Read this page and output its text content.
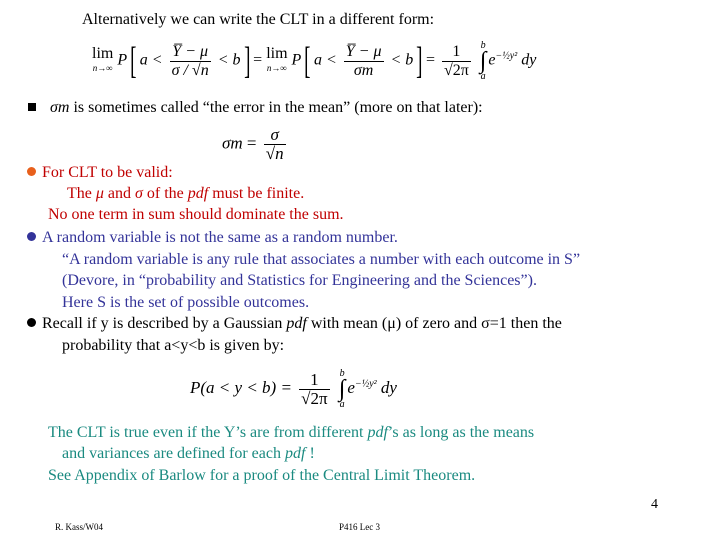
Alternatively we can write the CLT in a different form:
lim
n→∞ P[ $a < \frac{Y̅ - \mu}{\sigma / √n} < b] = \lim$
n→∞ P[ $a < \frac{Y̅ - \mu}{\sigma m} < b] = \frac{1}{√2\pi}$ b
∫
$ae^{-\frac{1}{2}y^2}$ dy
σm is sometimes called “the error in the mean” (more on that later):
$\sigma m = \frac{\sigma}{√n}$
For CLT to be valid:
The μ and σ of the pdf must be finite.
No one term in sum should dominate the sum.
A random variable is not the same as a random number.
“A random variable is any rule that associates a number with each outcome in S”
(Devore, in “probability and Statistics for Engineering and the Sciences”).
Here S is the set of possible outcomes.
Recall if y is described by a Gaussian pdf with mean (μ) of zero and σ=1 then the
probability that a<y<b is given by:
$P(a < y < b) = \frac{1}{√2\pi}$ b
∫
$ae^{-\frac{1}{2}y^2}$ dy
The CLT is true even if the Y’s are from different pdf’s as long as the means
and variances are defined for each pdf !
See Appendix of Barlow for a proof of the Central Limit Theorem.
4
R. Kass/W04	P416 Lec 3
